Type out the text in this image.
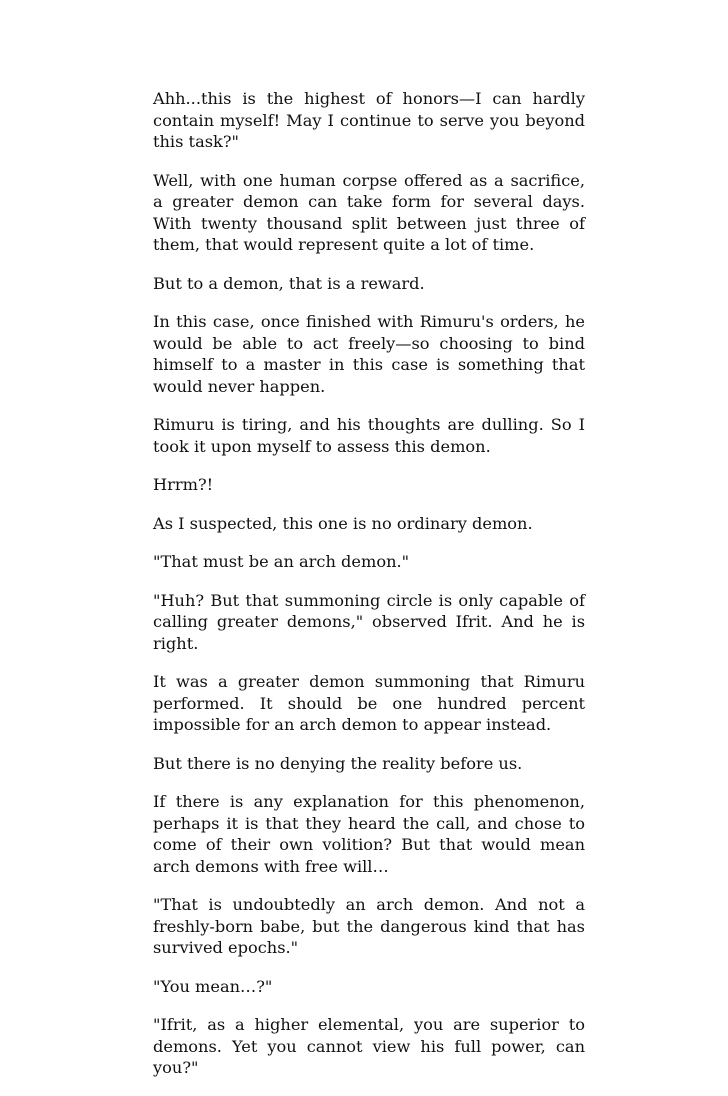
Ahh...this is the highest of honors—I can hardly contain myself! May I continue to serve you beyond this task?"

Well, with one human corpse offered as a sacrifice, a greater demon can take form for several days. With twenty thousand split between just three of them, that would represent quite a lot of time.

But to a demon, that is a reward.

In this case, once finished with Rimuru's orders, he would be able to act freely—so choosing to bind himself to a master in this case is something that would never happen.

Rimuru is tiring, and his thoughts are dulling. So I took it upon myself to assess this demon.

Hrrm?!

As I suspected, this one is no ordinary demon.

"That must be an arch demon."

"Huh? But that summoning circle is only capable of calling greater demons," observed Ifrit. And he is right.

It was a greater demon summoning that Rimuru performed. It should be one hundred percent impossible for an arch demon to appear instead.

But there is no denying the reality before us.

If there is any explanation for this phenomenon, perhaps it is that they heard the call, and chose to come of their own volition? But that would mean arch demons with free will…

"That is undoubtedly an arch demon. And not a freshly-born babe, but the dangerous kind that has survived epochs."

"You mean…?"

"Ifrit, as a higher elemental, you are superior to demons. Yet you cannot view his full power, can you?"
